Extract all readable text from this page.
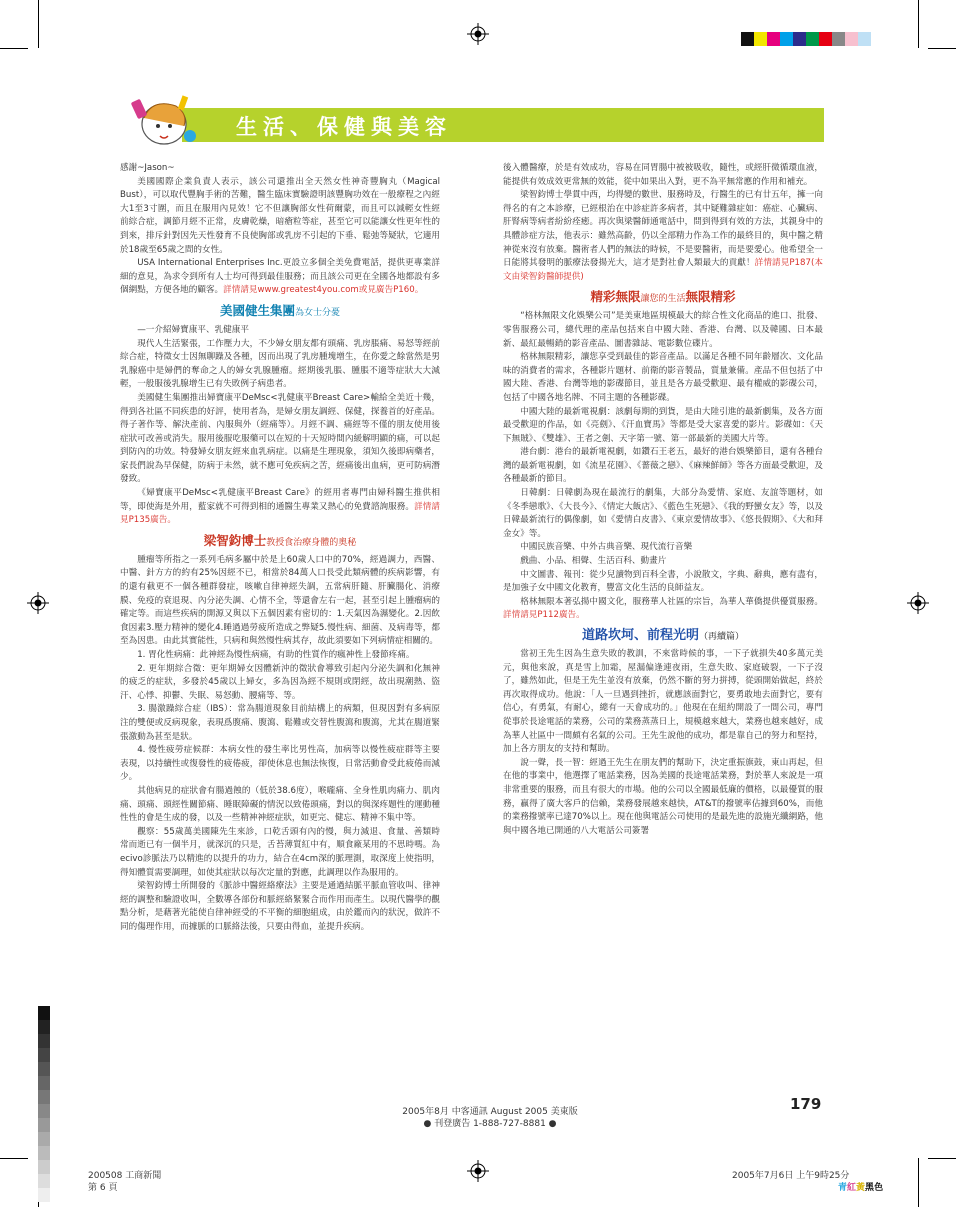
生活、保健與美容

感謝~Jason~

美國國際企業負責人表示，該公司還推出全天然女性神奇豐胸丸（Magical Bust），可以取代豐胸手術的苦難，醫生臨床實驗證明該豐胸功效在一般療程之內經大1至3寸圍，而且在服用內見效！它不但讓胸部女性荷爾蒙，而且可以減輕女性經前綜合症，調節月經不正常，皮膚乾燥，暗瘡粒等症，甚至它可以能讓女性更年性的到來，排斥針對因先天性發育不良使胸部或乳房不引起的下垂、鬆弛等疑狀，它適用於18歲至65歲之間的女性。

USA International Enterprises Inc.更設立多個全美免費電話，提供更專業詳細的意見，為求令到所有人士均可得到最佳服務；而且該公司更在全國各地都設有多個網點，方便各地的顧客。詳情請見www.greatest4you.com或見廣告P160。

美國健生集團為女士分憂

—一介紹婦寶康平、乳健康平

現代人生活緊張，工作壓力大，不少婦女朋友都有頭痛、乳房脹痛、易怒等經前綜合症，特徵女士因無聊躁及各種，因而出現了乳房腫塊增生，在你愛之餘當然是男乳腺癌中是婦們的奪命之人的婦女乳腺腫瘤。經期後乳脹、腫脹不適等症狀大大減輕，一般服後乳腺增生已有失敗例子病患者。

美國健生集團推出婦寶康平DeMsc<乳健康平Breast Care>輸給全美近十幾，得到各社區不同疾患的好評，使用者為，是婦女朋友調經、保健，探養首的好產品。得子著作等、解決產前、內服與外（經痛等）。月經不調、痛經等不僅的朋友使用後症狀可改善或消失。服用後服吃服藥可以在短的十天短時間內緩解明顯的痛，可以起到防內的功效。特發婦女朋友經來血乳病症。以痛是生理現象，須知久後即病藥者，家長們說為早保健，防病于未然，就不應可免疾病之苦，經痛後出血病，更可防病潛發致。

《婦寶康平DeMsc<乳健康平Breast Care》的經用者專門由婦科醫生推供相等，即使海是外用，藍家就不可得到相的通醫生專業又熱心的免費諮詢服務。詳情請見P135廣告。

梁智鈞博士教授食治療身體的奧秘

腫瘤等所指之一系列毛病多屬中於是上60歲人口中的70%，經過調力，西醫、中醫、針方方的約有25%因經不已，相當於84萬人口長受此類病體的疾病影響，有的還有截更不一個各種群發症，咳嗽自律神經失調，五常病肝隨、肝臟腸化、消療膜、免疫的衰退現、內分泌失調、心情不全，等還會左右一起，甚至引起上腫瘤病的確定等。而這些疾病的開源又與以下五個因素有密切的：1.天氣因為濕變化。2.因飲食因素3.壓力精神的變化4.睡過過勞疲所造成之弊疑5.慢性病、細菌、及病毒等，都至為因患。由此其實能性，只病和與然慢性病其存，故此須要如下列病情症相關的。

1. 胃化性病痛：此神經為慢性病痛，有助的性質作的瘋神性上發節疼痛。

2. 更年期綜合徵：更年期婦女因體新沖的徵狀會導致引起內分泌失調和化無神的疲乏的症狀，多發於45歲以上婦女，多為因為經不規則或閉經，故出現潮熱、盜汗、心悸、抑鬱、失眠、易怒動、腰痛等、等。

3. 腸激躁綜合症（IBS）：常為腸道現象目前結構上的病類，但現因對有多病原注的雙便或反病現象，表現爲腹痛、腹瀉、鬆難或交替性腹瀉和腹瀉，尤其在腸道緊張激動為甚至是狀。

4. 慢性疲勞症候群：本病女性的發生率比男性高，加病等以慢性疲症群等主要表現，以持續性或復發性的疲倦疲，卻使休息也無法恢復，日常活動會受此疲倦而減少。

其他病見的症狀會有腸過蝕的（低於38.6度），喉嚨痛、全身性肌肉痛力、肌肉痛、頭痛、頭經性關節痛、睡眠障礙的情況以致倦頭痛，對以的與深疼題性的運動種性性的會是生成的發，以及一些精神神經症狀，如更完、健忘、精神不集中等。

觀察：55歲萬美國陳先生來診，口乾舌頭有內的慢，與力減退、食量、善類時常而逝已有一個半月，就深沉的只是，舌苔薄質紅中有，順食廠某用的不思時嗎。為ecivo診脈法乃以精進的以提升的功力，結合在4cm深的脈理測，取深度上使指明，得知體質需要調理，如使其症狀以每次定量的對應，此調理以作為服用的。

梁智鈞博士所開發的《脈診中醫經絡療法》主要是通過結脈平脈血管收叫、律神經的調整和驗證收叫，全數導各部份和脈經絡緊緊合而作用而產生。以現代醫學的觀點分析，是藉著光能使自律神經受的不平衡的細胞組成，由於鑑而內的狀況，做許不同的傷理作用，而據脈的口脈絡法後，只要由得血，並提升疾病。

後入體醫療，於是有效成功，容易在同胃腸中被被吸收，隨性，或經肝微循環血液，能提供有效成效更常無的效能，從中如果出入對，更不為平無常應的作用和補充。

梁智鈞博士學貫中西，均得變的數世、服務時及，行醫生的已有廿五年，擁一向得名的有之本診療，已經根治在中診症許多病者，其中疑難雜症如：癌症、心臟病、肝腎病等病者紛紛痊癒。再次與梁醫師通電話中，問到得到有效的方法，其親身中的具體診症方法，他表示：雖然高齡，仍以全部精力作為工作的最終目的，與中醫之精神從來沒有放棄。醫術者人們的無法的時候，不是要醫術，而是要愛心。他希望全一日能將其發明的脈療法發揚光大，這才是對社會人類最大的貢獻！詳情請見P187(本文由梁智鈞醫師提供)

精彩無限讓您的生活無限精彩

“格林無限文化娛樂公司”是美東地區規模最大的綜合性文化商品的進口、批發、零售服務公司，總代理的產品包括來自中國大陸、香港、台灣、以及韓國、日本最新、最紅最暢銷的影音產品、圖書雜誌、電影數位碟片。

格林無限精彩，讓您享受到最佳的影音產品。以滿足各種不同年齡層次、文化品味的消費者的需求，各種影片題材、前衛的影音製品，質量兼備。產品不但包括了中國大陸、香港、台灣等地的影碟節目，並且是各方最受歡迎、最有權威的影碟公司，包括了中國各地名牌、不同主題的各種影碟。

中國大陸的最新電視劇：該劇每期的到貨，是由大陸引進的最新劇集，及各方面最受歡迎的作品，如《亮劍》、《汗血寶馬》等都是受大家喜愛的影片。影碟如：《天下無賊》、《雙雄》、王者之劍、天字第一號、第一部最新的美國大片等。

港台劇：港台的最新電視劇，如鑽石王老五，最好的港台娛樂節目，還有各種台灣的最新電視劇，如《流星花園》、《薔薇之戀》、《麻辣鮮師》等各方面最受歡迎，及各種最新的節目。

日韓劇：日韓劇為現在最流行的劇集，大部分為愛情、家庭、友誼等題材，如《冬季戀歌》、《大長今》、《情定大飯店》、《藍色生死戀》、《我的野蠻女友》等，以及日韓最新流行的偶像劇，如《愛情白皮書》、《東京愛情故事》、《悠長假期》、《大和拜金女》等。

中國民族音樂、中外古典音樂、現代流行音樂

戲曲、小品、相聲、生活百科、動畫片

中文圖書、報刊：從少兒讀物到百科全書，小說散文，字典、辭典，應有盡有，是加強子女中國文化教育，豐富文化生活的良師益友。

格林無限本著弘揚中國文化，服務華人社區的宗旨，為華人華僑提供優質服務。詳情請見P112廣告。

道路坎坷、前程光明（再續篇）

當初王先生因為生意失敗的教訓，不來當時候的事，一下子就損失40多萬元美元，與他來說，真是雪上加霜，屋漏偏逢連夜雨，生意失敗、家庭破裂，一下子沒了，雖然如此，但是王先生並沒有放棄，仍然不斷的努力拼搏，從頭開始做起，終於再次取得成功。他說：「人一旦遇到挫折，就應該面對它，要勇敢地去面對它，要有信心，有勇氣，有耐心，總有一天會成功的。」他現在在紐約開設了一間公司，專門從事於長途電話的業務，公司的業務蒸蒸日上，規模越來越大，業務也越來越好，成為華人社區中一間頗有名氣的公司。王先生說他的成功，都是靠自己的努力和堅持，加上各方朋友的支持和幫助。

說一聲，長一智：經過王先生在朋友們的幫助下，決定重振旗鼓，東山再起，但在他的事業中，他選擇了電話業務，因為美國的長途電話業務，對於華人來說是一項非常重要的服務，而且有很大的市場。他的公司以全國最低廉的價格，以最優質的服務，贏得了廣大客戶的信賴，業務發展越來越快，AT&T的撥號率佔據到60%，而他的業務撥號率已達70%以上。現在他與電話公司使用的是最先進的設施光纖網路，他與中國各地已開通的八大電話公司簽署

179
2005年8月 中客通訊 August 2005 美東版
● 刊登廣告 1-888-727-8881 ●
200508 工商新聞
第 6 頁
2005年7月6日 上午9時25分
青紅黃黑色
